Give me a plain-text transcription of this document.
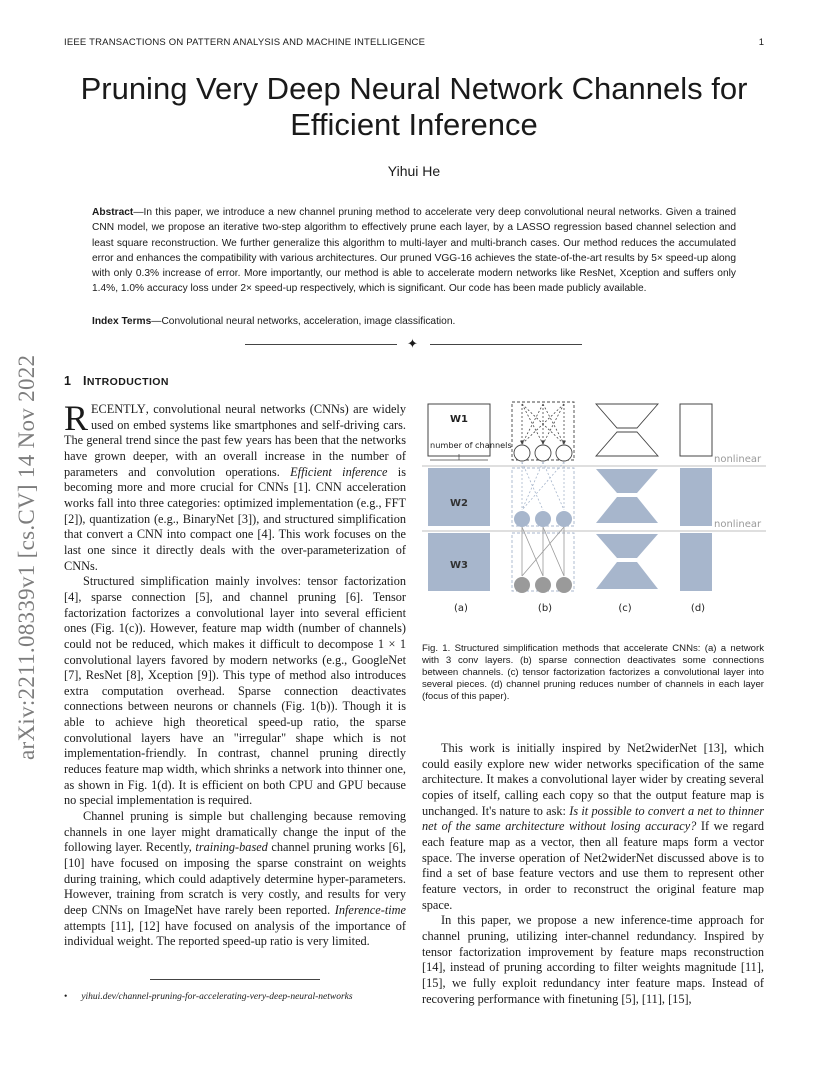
IEEE TRANSACTIONS ON PATTERN ANALYSIS AND MACHINE INTELLIGENCE	1
arXiv:2211.08339v1 [cs.CV] 14 Nov 2022
Pruning Very Deep Neural Network Channels for Efficient Inference
Yihui He
Abstract—In this paper, we introduce a new channel pruning method to accelerate very deep convolutional neural networks. Given a trained CNN model, we propose an iterative two-step algorithm to effectively prune each layer, by a LASSO regression based channel selection and least square reconstruction. We further generalize this algorithm to multi-layer and multi-branch cases. Our method reduces the accumulated error and enhances the compatibility with various architectures. Our pruned VGG-16 achieves the state-of-the-art results by 5× speed-up along with only 0.3% increase of error. More importantly, our method is able to accelerate modern networks like ResNet, Xception and suffers only 1.4%, 1.0% accuracy loss under 2× speed-up respectively, which is significant. Our code has been made publicly available.
Index Terms—Convolutional neural networks, acceleration, image classification.
✦
1 INTRODUCTION

RECENTLY, convolutional neural networks (CNNs) are widely used on embed systems like smartphones and self-driving cars. The general trend since the past few years has been that the networks have grown deeper, with an overall increase in the number of parameters and convolution operations. Efficient inference is becoming more and more crucial for CNNs [1]. CNN acceleration works fall into three categories: optimized implementation (e.g., FFT [2]), quantization (e.g., BinaryNet [3]), and structured simplification that convert a CNN into compact one [4]. This work focuses on the last one since it directly deals with the over-parameterization of CNNs.

Structured simplification mainly involves: tensor factorization [4], sparse connection [5], and channel pruning [6]. Tensor factorization factorizes a convolutional layer into several efficient ones (Fig. 1(c)). However, feature map width (number of channels) could not be reduced, which makes it difficult to decompose 1 × 1 convolutional layers favored by modern networks (e.g., GoogleNet [7], ResNet [8], Xception [9]). This type of method also introduces extra computation overhead. Sparse connection deactivates connections between neurons or channels (Fig. 1(b)). Though it is able to achieve high theoretical speed-up ratio, the sparse convolutional layers have an "irregular" shape which is not implementation-friendly. In contrast, channel pruning directly reduces feature map width, which shrinks a network into thinner one, as shown in Fig. 1(d). It is efficient on both CPU and GPU because no special implementation is required.

Channel pruning is simple but challenging because removing channels in one layer might dramatically change the input of the following layer. Recently, training-based channel pruning works [6], [10] have focused on imposing the sparse constraint on weights during training, which could adaptively determine hyper-parameters. However, training from scratch is very costly, and results for very deep CNNs on ImageNet have rarely been reported. Inference-time attempts [11], [12] have focused on analysis of the importance of individual weight. The reported speed-up ratio is very limited.

• yihui.dev/channel-pruning-for-accelerating-very-deep-neural-networks
nonlinear
nonlinear
W1
W2
W3
number of channels
(a)	(b)	(c)	(d)
Fig. 1. Structured simplification methods that accelerate CNNs: (a) a network with 3 conv layers. (b) sparse connection deactivates some connections between channels. (c) tensor factorization factorizes a convolutional layer into several pieces. (d) channel pruning reduces number of channels in each layer (focus of this paper).

This work is initially inspired by Net2widerNet [13], which could easily explore new wider networks specification of the same architecture. It makes a convolutional layer wider by creating several copies of itself, calling each copy so that the output feature map is unchanged. It's nature to ask: Is it possible to convert a net to thinner net of the same architecture without losing accuracy? If we regard each feature map as a vector, then all feature maps form a vector space. The inverse operation of Net2widerNet discussed above is to find a set of base feature vectors and use them to represent other feature vectors, in order to reconstruct the original feature map space.

In this paper, we propose a new inference-time approach for channel pruning, utilizing inter-channel redundancy. Inspired by tensor factorization improvement by feature maps reconstruction [14], instead of pruning according to filter weights magnitude [11], [15], we fully exploit redundancy inter feature maps. Instead of recovering performance with finetuning [5], [11], [15],
